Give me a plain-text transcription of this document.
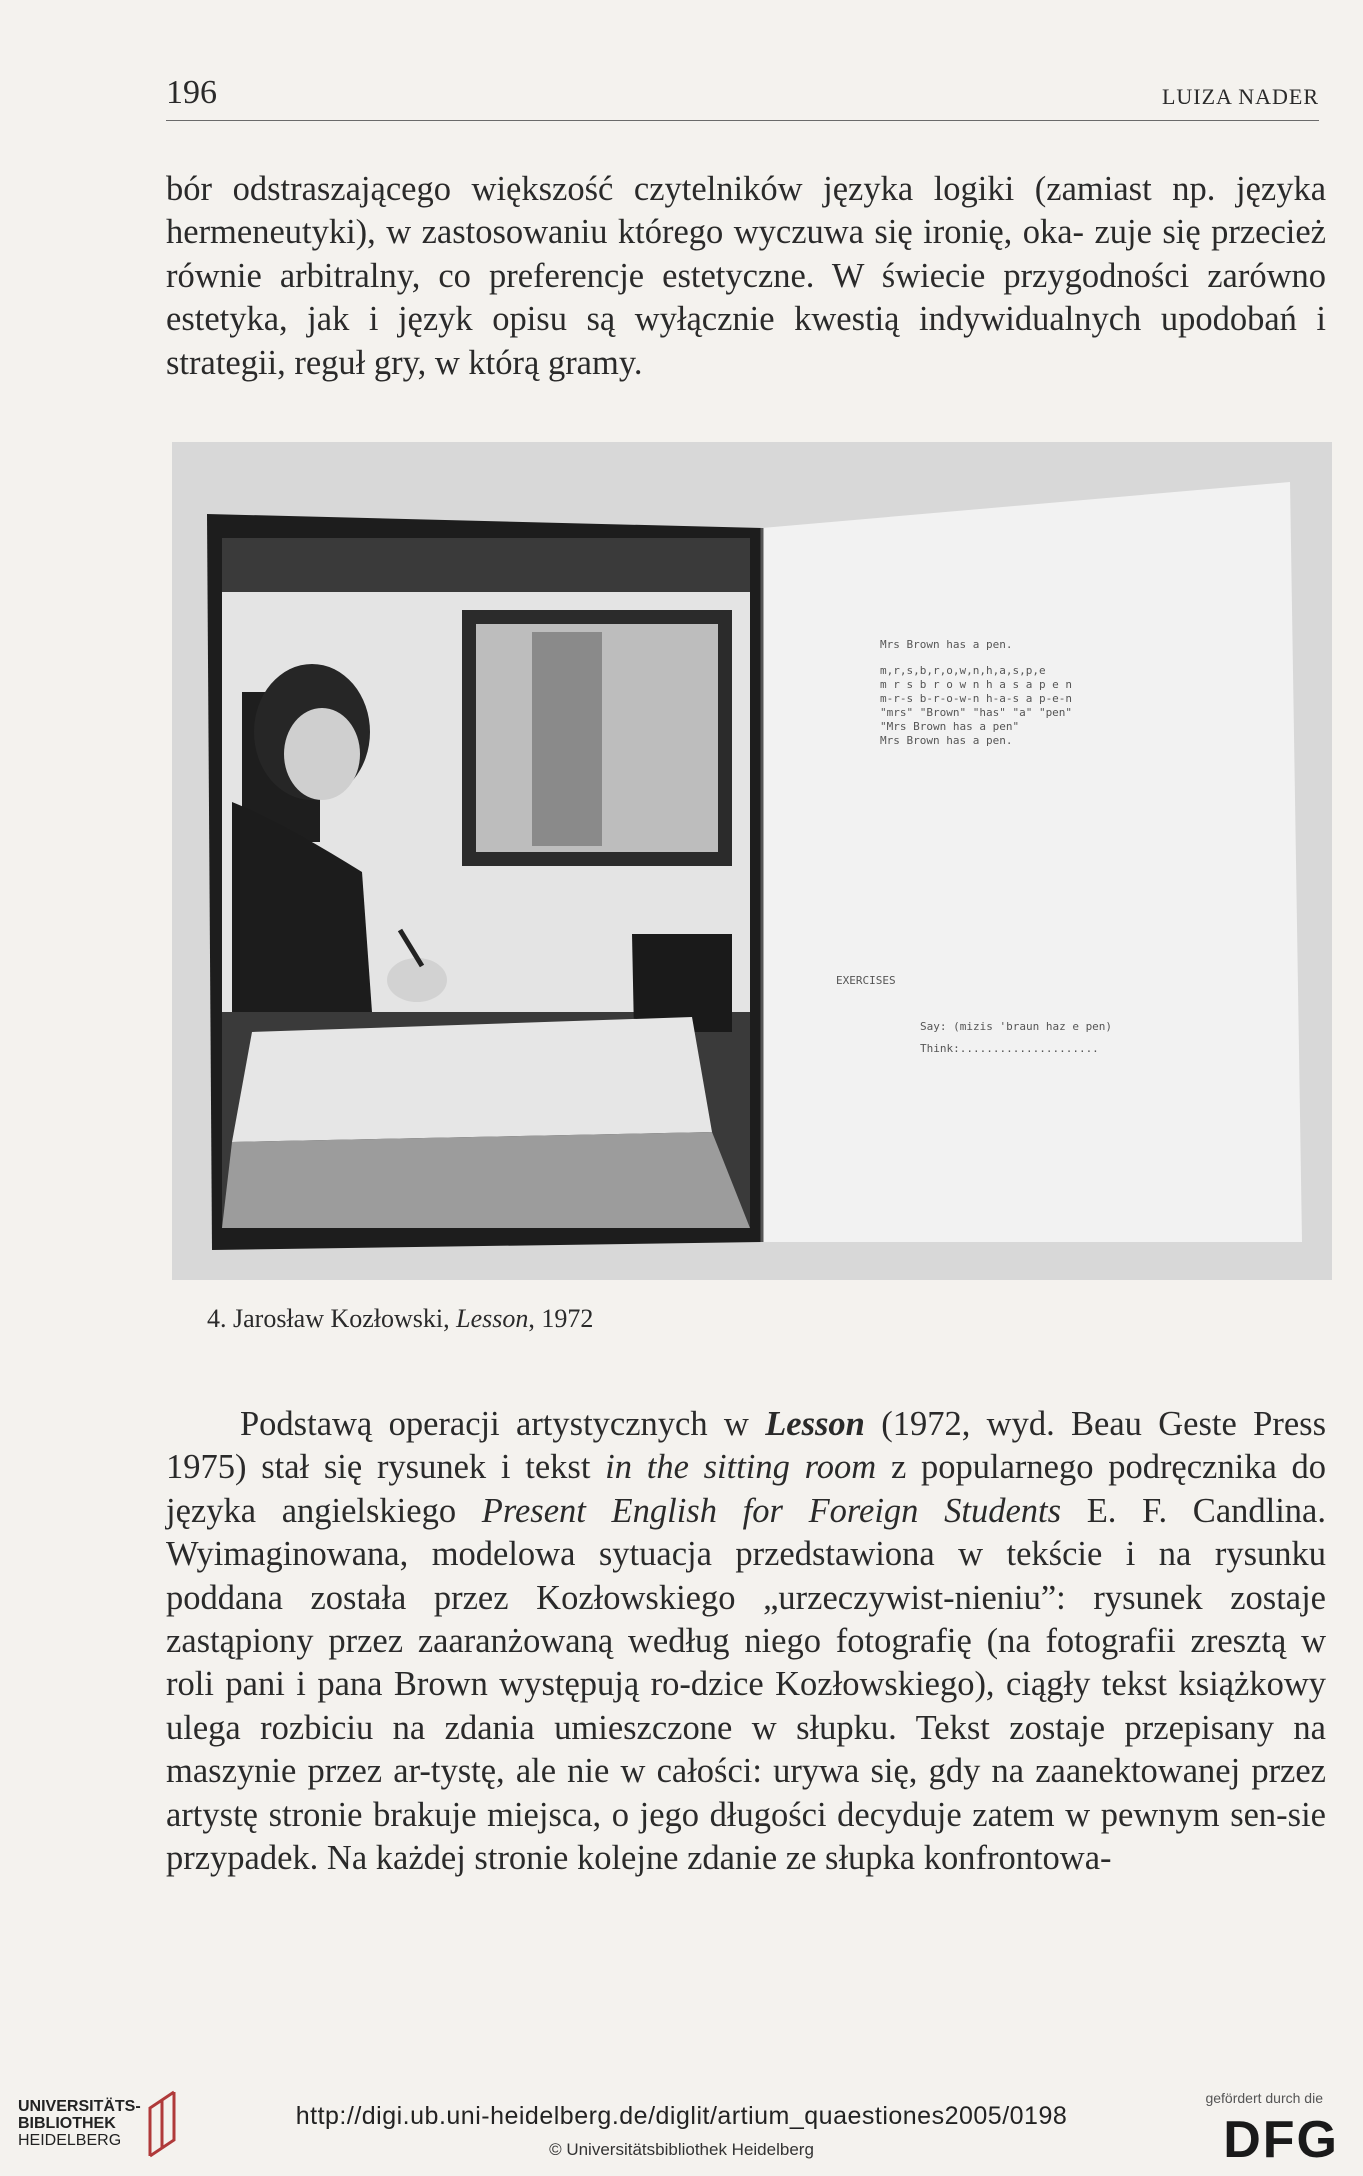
196	LUIZA NADER

bór odstraszającego większość czytelników języka logiki (zamiast np. języka hermeneutyki), w zastosowaniu którego wyczuwa się ironię, oka- zuje się przecież równie arbitralny, co preferencje estetyczne. W świecie przygodności zarówno estetyka, jak i język opisu są wyłącznie kwestią indywidualnych upodobań i strategii, reguł gry, w którą gramy.

Mrs Brown has a pen.
m,r,s,b,r,o,w,n,h,a,s,p,e
m r s b r o w n h a s a p e n
m-r-s b-r-o-w-n h-a-s a p-e-n
"mrs" "Brown" "has" "a" "pen"
"Mrs Brown has a pen"
Mrs Brown has a pen.
EXERCISES
Say: (mizis 'braun haz e pen)
Think:.....................
4. Jarosław Kozłowski, Lesson, 1972

Podstawą operacji artystycznych w Lesson (1972, wyd. Beau Geste Press 1975) stał się rysunek i tekst in the sitting room z popularnego podręcznika do języka angielskiego Present English for Foreign Students E. F. Candlina. Wyimaginowana, modelowa sytuacja przedstawiona w tekście i na rysunku poddana została przez Kozłowskiego „urzeczywist-nieniu”: rysunek zostaje zastąpiony przez zaaranżowaną według niego fotografię (na fotografii zresztą w roli pani i pana Brown występują ro-dzice Kozłowskiego), ciągły tekst książkowy ulega rozbiciu na zdania umieszczone w słupku. Tekst zostaje przepisany na maszynie przez ar-tystę, ale nie w całości: urywa się, gdy na zaanektowanej przez artystę stronie brakuje miejsca, o jego długości decyduje zatem w pewnym sen-sie przypadek. Na każdej stronie kolejne zdanie ze słupka konfrontowa-

UNIVERSITÄTS-
BIBLIOTHEK
HEIDELBERG
http://digi.ub.uni-heidelberg.de/diglit/artium_quaestiones2005/0198
© Universitätsbibliothek Heidelberg
gefördert durch die
DFG
